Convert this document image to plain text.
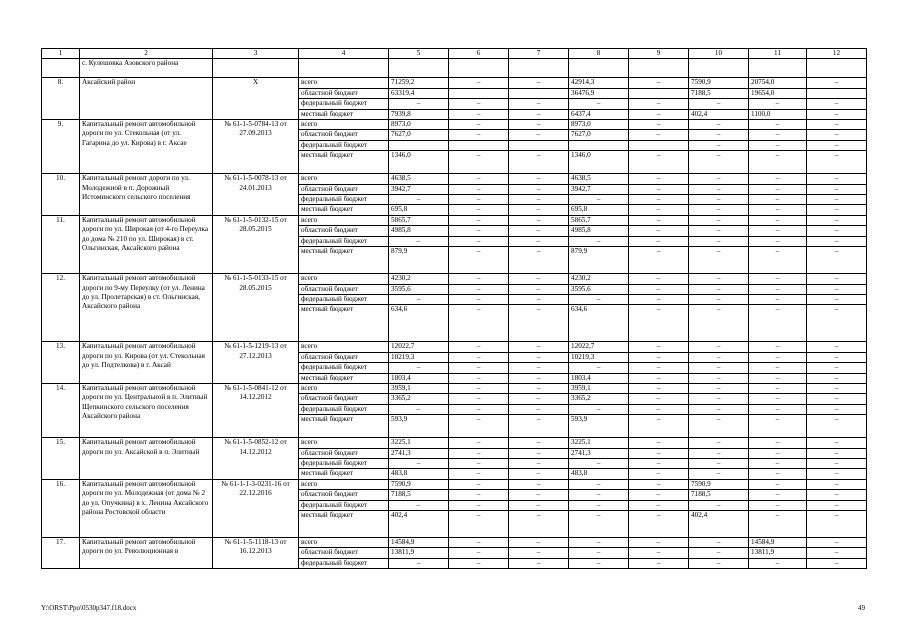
1	2	3	4	5	6	7	8	9	10	11	12
	с. Кулешовка Азовского района										
8.	Аксайский район	Х	всего	71259,2	–	–	42914,3	–	7590,9	20754,0	–
			областной бюджет	63319,4			36476,9		7188,5	19654,0	
			федеральный бюджет	–	–	–	–	–	–	–	–
			местный бюджет	7939,8	–	–	6437,4	–	402,4	1100,0	–
9.	Капитальный ремонт автомобильной дороги по ул. Стекольная (от ул. Гагарина до ул. Кирова) в г. Аксае	№ 61-1-5-0784-13 от 27.09.2013	всего	8973,0	–	–	8973,0	–	–	–	–
			областной бюджет	7627,0	–	–	7627,0	–	–	–	–
			федеральный бюджет						–	–	–
			местный бюджет	1346,0	–	–	1346,0	–	–	–	–
10.	Капитальный ремонт дороги по ул. Молодежной в п. Дорожный Истоминского сельского поселения	№ 61-1-5-0078-13 от 24.01.2013	всего	4638,5	–	–	4638,5	–	–	–	–
			областной бюджет	3942,7	–	–	3942,7	–	–	–	–
			федеральный бюджет	–	–	–	–	–	–	–	–
			местный бюджет	695,8	–	–	695,8	–	–	–	–
11.	Капитальный ремонт автомобильной дороги по ул. Широкая (от 4-го Переулка до дома № 210 по ул. Широкая) в ст. Ольгинская, Аксайского района	№ 61-1-5-0132-15 от 28.05.2015	всего	5865,7	–	–	5865,7	–	–	–	–
			областной бюджет	4985,8	–	–	4985,8	–	–	–	–
			федеральный бюджет	–	–	–	–	–	–	–	–
			местный бюджет	879,9	–	–	879,9	–	–	–	–
12.	Капитальный ремонт автомобильной дороги по 9-му Переулку (от ул. Ленина до ул. Пролетарская) в ст. Ольгинская, Аксайского района	№ 61-1-5-0133-15 от 28.05.2015	всего	4230,2	–	–	4230,2	–	–	–	–
			областной бюджет	3595,6	–	–	3595,6	–	–	–	–
			федеральный бюджет	–	–	–	–	–	–	–	–
			местный бюджет	634,6	–	–	634,6	–	–	–	–
13.	Капитальный ремонт автомобильной дороги по ул. Кирова (от ул. Стекольная до ул. Подтелкова) в г. Аксай	№ 61-1-5-1219-13 от 27.12.2013	всего	12022,7	–	–	12022,7	–	–	–	–
			областной бюджет	10219,3	–	–	10219,3	–	–	–	–
			федеральный бюджет	–	–	–	–	–	–	–	–
			местный бюджет	1803,4	–	–	1803,4	–	–	–	–
14.	Капитальный ремонт автомобильной дороги по ул. Центральной в п. Элитный Щепкинского сельского поселения Аксайского района	№ 61-1-5-0841-12 от 14.12.2012	всего	3959,1	–	–	3959,1	–	–	–	–
			областной бюджет	3365,2	–	–	3365,2	–	–	–	–
			федеральный бюджет	–	–	–	–	–	–	–	–
			местный бюджет	593,9	–	–	593,9	–	–	–	–
15.	Капитальный ремонт автомобильной дороги по ул. Аксайской в п. Элитный	№ 61-1-5-0852-12 от 14.12.2012	всего	3225,1	–	–	3225,1	–	–	–	–
			областной бюджет	2741,3	–	–	2741,3	–	–	–	–
			федеральный бюджет	–	–	–	–	–	–	–	–
			местный бюджет	483,8	–	–	483,8	–	–	–	–
16.	Капитальный ремонт автомобильной дороги по ул. Молодежная (от дома № 2 до ул. Опучкина) в х. Ленина Аксайского района Ростовской области	№ 61-1-1-3-0231-16 от 22.12.2016	всего	7590,9	–	–	–	–	7590,9	–	–
			областной бюджет	7188,5	–	–	–	–	7188,5	–	–
			федеральный бюджет	–	–	–	–	–	–	–	–
			местный бюджет	402,4	–	–	–	–	402,4	–	–
17.	Капитальный ремонт автомобильной дороги по ул. Революционная в	№ 61-1-5-1118-13 от 16.12.2013	всего	14584,9	–	–	–	–	–	14584,9	–
			областной бюджет	13811,9	–	–	–	–	–	13811,9	–
			федеральный бюджет	–	–	–	–	–	–	–	–
Y:\ORST\Ppo\0530p347.f18.docx	49
